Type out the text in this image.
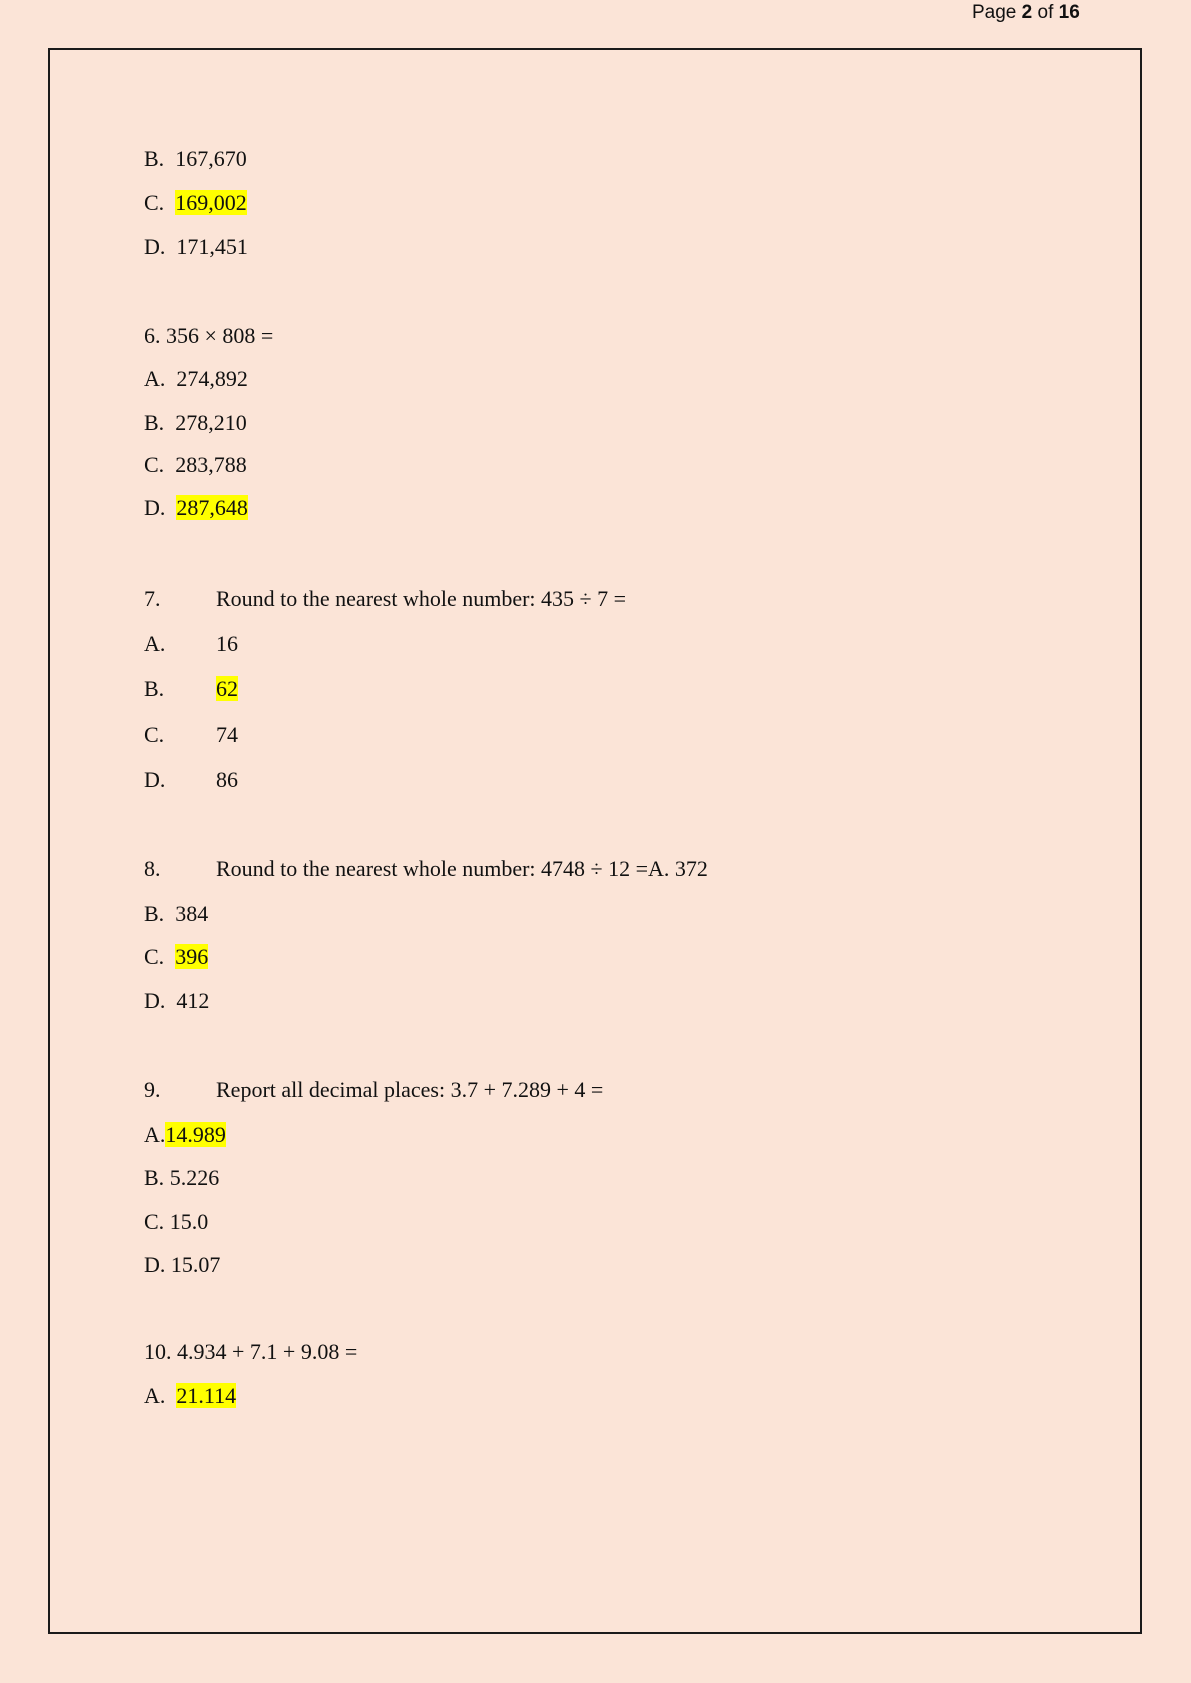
Page 2 of 16
B. 167,670
C. 169,002
D. 171,451
6. 356 × 808 =
A. 274,892
B. 278,210
C. 283,788
D. 287,648
7.	Round to the nearest whole number: 435 ÷ 7 =
A. 16
B. 62
C. 74
D. 86
8.	Round to the nearest whole number: 4748 ÷ 12 =A. 372
B. 384
C. 396
D. 412
9.	Report all decimal places: 3.7 + 7.289 + 4 =
A.14.989
B. 5.226
C. 15.0
D. 15.07
10. 4.934 + 7.1 + 9.08 =
A. 21.114
